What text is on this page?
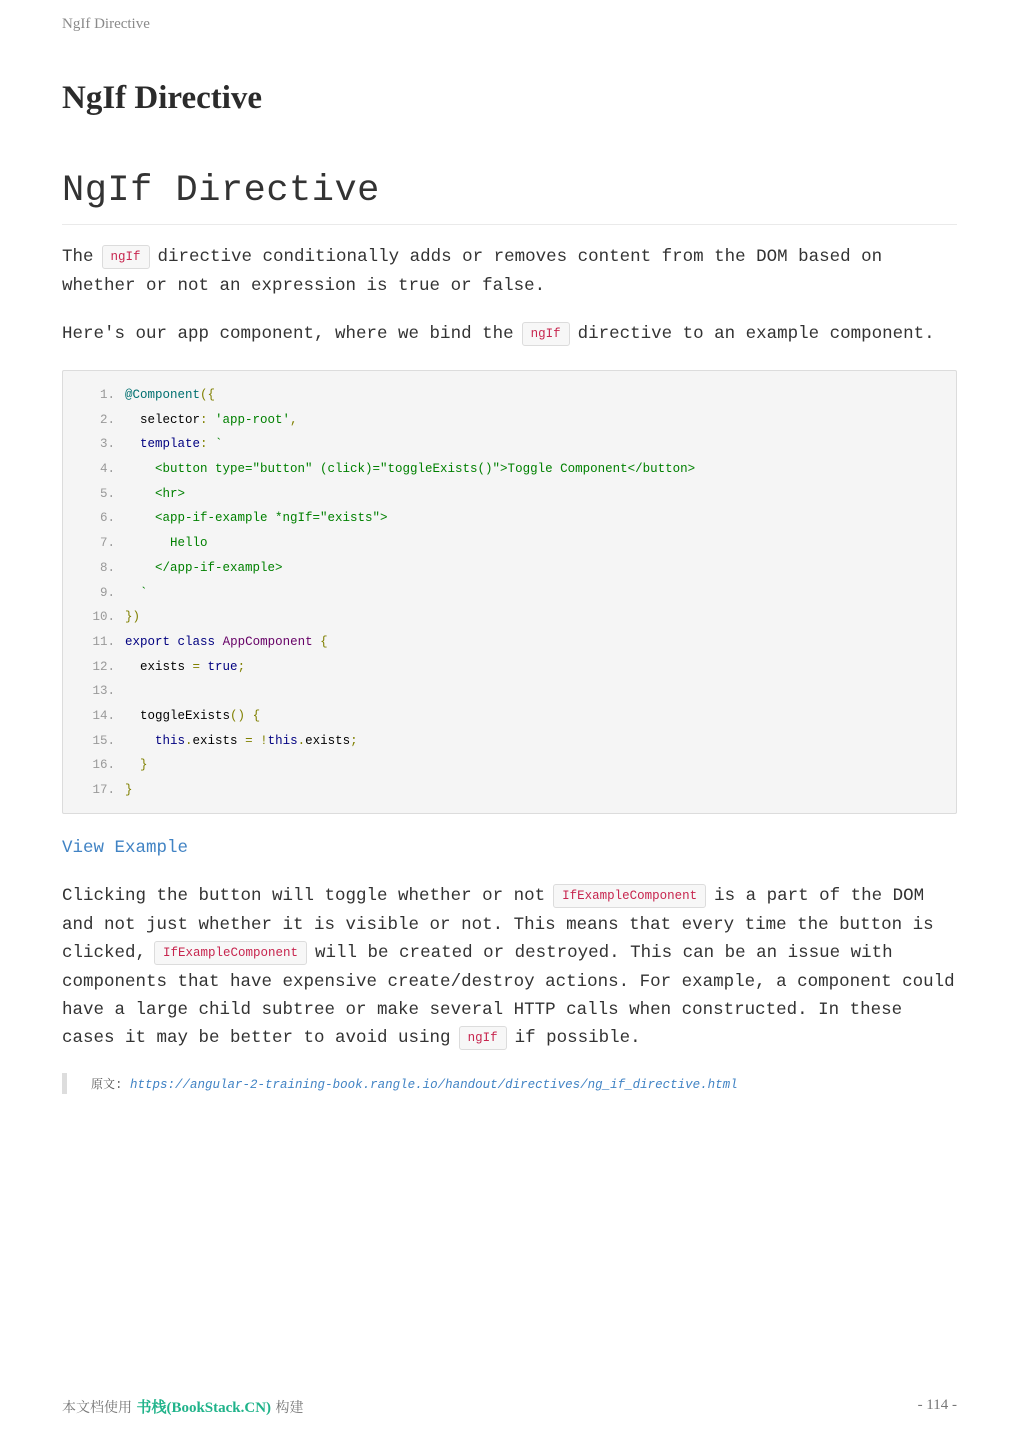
NgIf Directive
NgIf Directive
NgIf Directive

The ngIf directive conditionally adds or removes content from the DOM based on whether or not an expression is true or false.

Here's our app component, where we bind the ngIf directive to an example component.

1. @Component({
2. selector: 'app-root',
3.	template: `
4. <button type="button" (click)="toggleExists()">Toggle Component</button>
5. <hr>
6. <app-if-example *ngIf="exists">
7. Hello
8. </app-if-example>
9. `
10. })
11. export class AppComponent {
12. exists = true;
13.
14. toggleExists() {
15.	this.exists = !this.exists;
16.	}
17. }
View Example

Clicking the button will toggle whether or not IfExampleComponent is a part of the DOM and not just whether it is visible or not. This means that every time the button is clicked, IfExampleComponent will be created or destroyed. This can be an issue with components that have expensive create/destroy actions. For example, a component could have a large child subtree or make several HTTP calls when constructed. In these cases it may be better to avoid using ngIf if possible.

原文: https://angular-2-training-book.rangle.io/handout/directives/ng_if_directive.html
本文档使用 书栈(BookStack.CN) 构建	- 114 -
